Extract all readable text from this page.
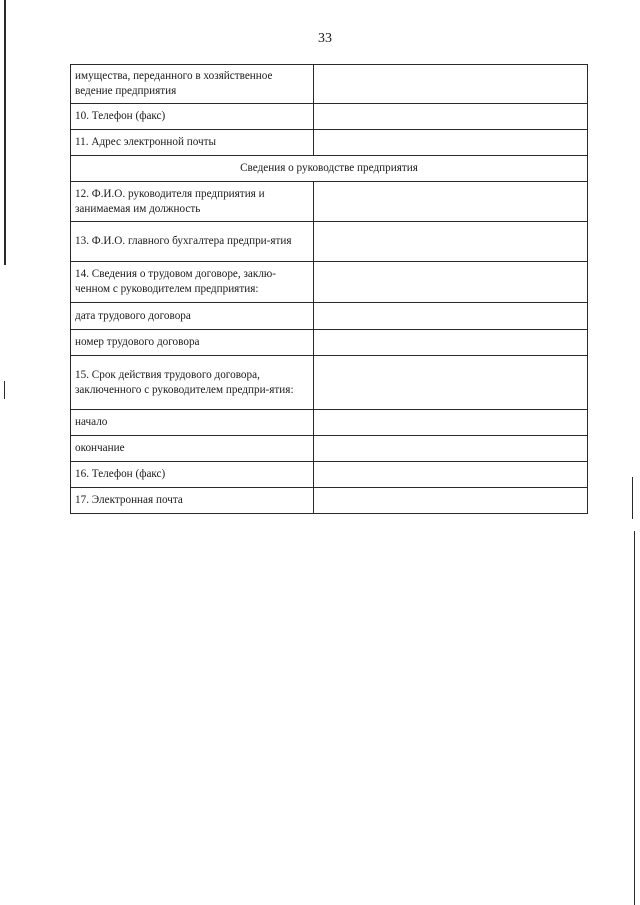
33
имущества, переданного в хозяйственное ведение предприятия	
10. Телефон (факс)	
11. Адрес электронной почты	
Сведения о руководстве предприятия	
12. Ф.И.О. руководителя предприятия и занимаемая им должность	
13. Ф.И.О. главного бухгалтера предпри-ятия	
14. Сведения о трудовом договоре, заклю-ченном с руководителем предприятия:	
дата трудового договора	
номер трудового договора	
15. Срок действия трудового договора, заключенного с руководителем предпри-ятия:	
начало	
окончание	
16. Телефон (факс)	
17. Электронная почта	
